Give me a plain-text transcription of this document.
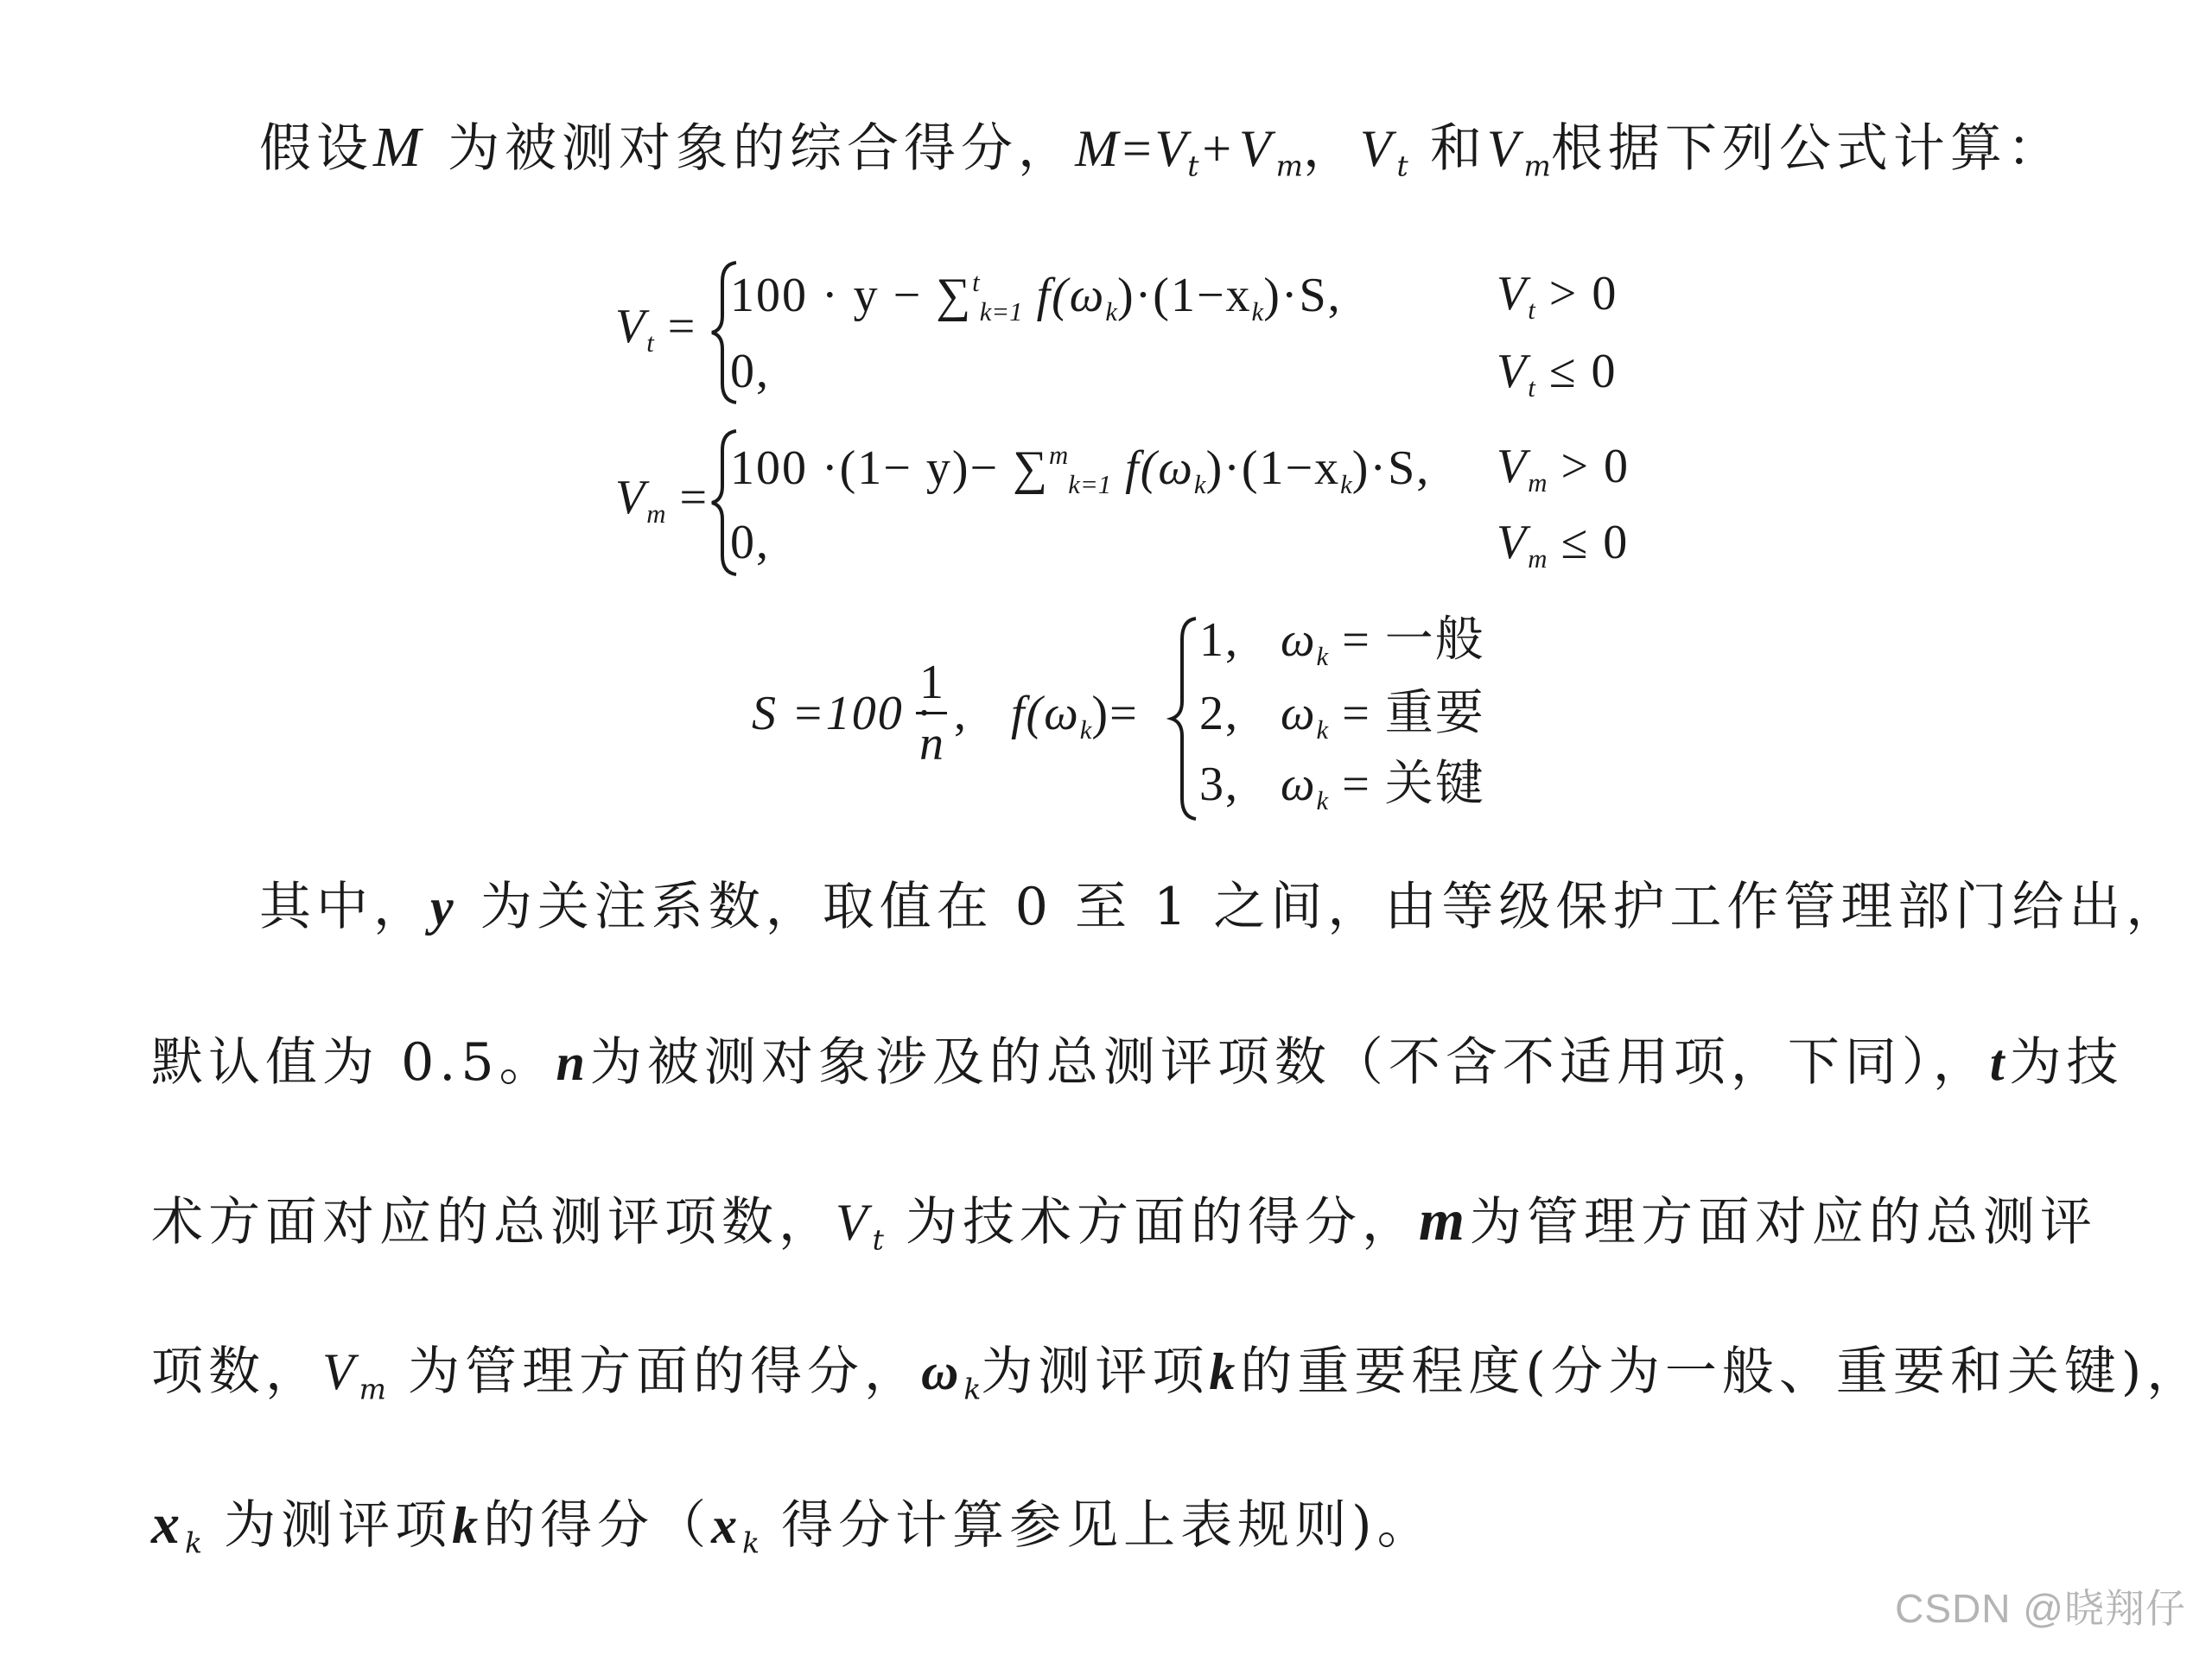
假设M 为被测对象的综合得分，$M=V_t+V_m$，$V_t$ 和$V_m$根据下列公式计算：
$V_t$ =
100 · y − ∑$^t_{k=1}$ $f(\omega_k)\cdot(1-x_k)\cdot S$,	$V_t > 0$
0,	$V_t \le 0$
$V_m$ =
100 ·(1− y)− ∑$^m_{k=1}$ $f(\omega_k)\cdot(1-x_k)\cdot S$, $V_m > 0$
0,	$V_m \le 0$
S =100 ·
1
n
, $f(\omega_k)=$
1, $\omega_k$ = 一般
2, $\omega_k$ = 重要
3, $\omega_k$ = 关键
其中，y 为关注系数，取值在 0 至 1 之间，由等级保护工作管理部门给出，
默认值为 0.5。n为被测对象涉及的总测评项数（不含不适用项，下同），t为技
术方面对应的总测评项数，$V_t$ 为技术方面的得分，m为管理方面对应的总测评
项数，$V_m$ 为管理方面的得分，$\omega_k$为测评项k的重要程度(分为一般、重要和关键)，
$x_k$ 为测评项k的得分（$x_k$ 得分计算参见上表规则)。
CSDN @晓翔仔
